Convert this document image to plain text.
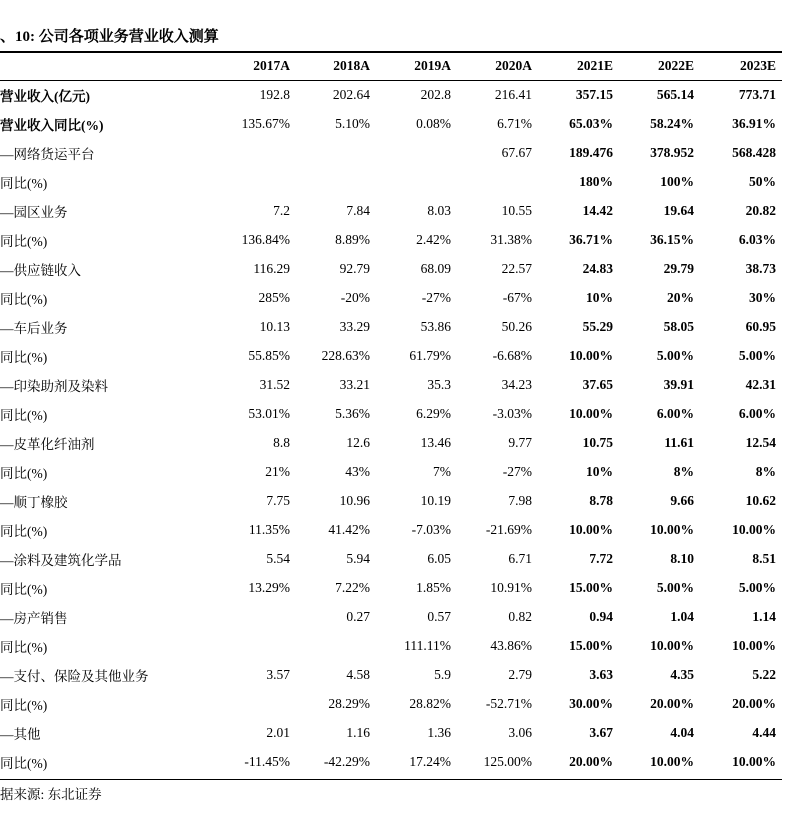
、10: 公司各项业务营业收入测算
	2017A	2018A	2019A	2020A	2021E	2022E	2023E
营业收入(亿元)	192.8	202.64	202.8	216.41	357.15	565.14	773.71
营业收入同比(%)	135.67%	5.10%	0.08%	6.71%	65.03%	58.24%	36.91%
—网络货运平台				67.67	189.476	378.952	568.428
同比(%)					180%	100%	50%
—园区业务	7.2	7.84	8.03	10.55	14.42	19.64	20.82
同比(%)	136.84%	8.89%	2.42%	31.38%	36.71%	36.15%	6.03%
—供应链收入	116.29	92.79	68.09	22.57	24.83	29.79	38.73
同比(%)	285%	-20%	-27%	-67%	10%	20%	30%
—车后业务	10.13	33.29	53.86	50.26	55.29	58.05	60.95
同比(%)	55.85%	228.63%	61.79%	-6.68%	10.00%	5.00%	5.00%
—印染助剂及染料	31.52	33.21	35.3	34.23	37.65	39.91	42.31
同比(%)	53.01%	5.36%	6.29%	-3.03%	10.00%	6.00%	6.00%
—皮革化纤油剂	8.8	12.6	13.46	9.77	10.75	11.61	12.54
同比(%)	21%	43%	7%	-27%	10%	8%	8%
—顺丁橡胶	7.75	10.96	10.19	7.98	8.78	9.66	10.62
同比(%)	11.35%	41.42%	-7.03%	-21.69%	10.00%	10.00%	10.00%
—涂料及建筑化学品	5.54	5.94	6.05	6.71	7.72	8.10	8.51
同比(%)	13.29%	7.22%	1.85%	10.91%	15.00%	5.00%	5.00%
—房产销售		0.27	0.57	0.82	0.94	1.04	1.14
同比(%)			111.11%	43.86%	15.00%	10.00%	10.00%
—支付、保险及其他业务	3.57	4.58	5.9	2.79	3.63	4.35	5.22
同比(%)		28.29%	28.82%	-52.71%	30.00%	20.00%	20.00%
—其他	2.01	1.16	1.36	3.06	3.67	4.04	4.44
同比(%)	-11.45%	-42.29%	17.24%	125.00%	20.00%	10.00%	10.00%
据来源: 东北证券
